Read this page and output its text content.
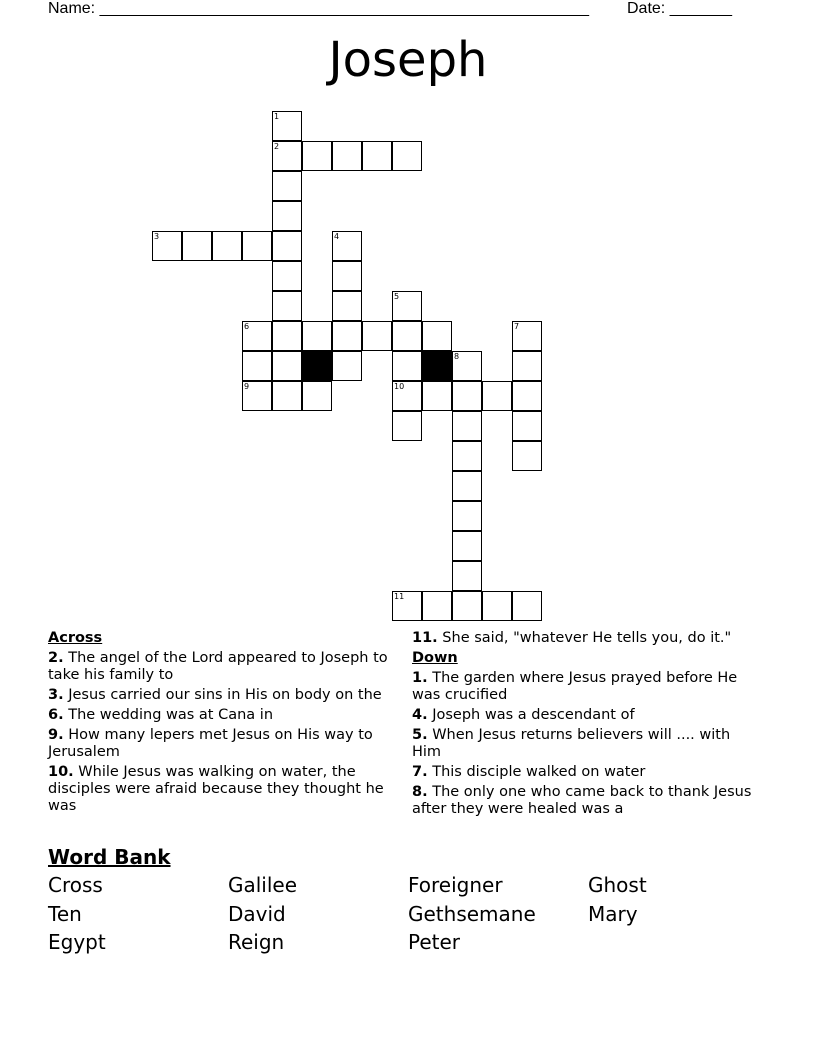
Name: _______________________________________________________ Date: _______
Joseph
1
2
3	4
5
6	7
8
9	10
11
Across
2. The angel of the Lord appeared to Joseph to take his family to
3. Jesus carried our sins in His on body on the
6. The wedding was at Cana in
9. How many lepers met Jesus on His way to Jerusalem
10. While Jesus was walking on water, the disciples were afraid because they thought he was
11. She said, "whatever He tells you, do it."
Down
1. The garden where Jesus prayed before He was crucified
4. Joseph was a descendant of
5. When Jesus returns believers will .... with Him
7. This disciple walked on water
8. The only one who came back to thank Jesus after they were healed was a
Word Bank
Cross	Galilee	Foreigner	Ghost
Ten	David	Gethsemane	Mary
Egypt	Reign	Peter
